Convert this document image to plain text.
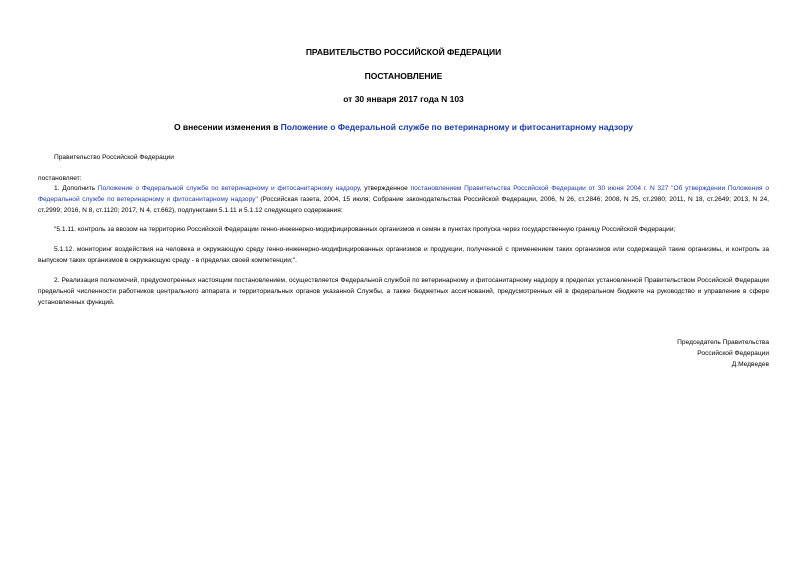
ПРАВИТЕЛЬСТВО РОССИЙСКОЙ ФЕДЕРАЦИИ
ПОСТАНОВЛЕНИЕ
от 30 января 2017 года N 103
О внесении изменения в Положение о Федеральной службе по ветеринарному и фитосанитарному надзору

Правительство Российской Федерации

постановляет:

1. Дополнить Положение о Федеральной службе по ветеринарному и фитосанитарному надзору, утвержденное постановлением Правительства Российской Федерации от 30 июня 2004 г. N 327 "Об утверждении Положения о Федеральной службе по ветеринарному и фитосанитарному надзору" (Российская газета, 2004, 15 июля; Собрание законодательства Российской Федерации, 2006, N 26, ст.2846; 2008, N 25, ст.2980; 2011, N 18, ст.2649; 2013, N 24, ст.2999; 2016, N 8, ст.1120; 2017, N 4, ст.662), подпунктами 5.1.11 и 5.1.12 следующего содержания:

"5.1.11. контроль за ввозом на территорию Российской Федерации генно-инженерно-модифицированных организмов и семян в пунктах пропуска через государственную границу Российской Федерации;

5.1.12. мониторинг воздействия на человека и окружающую среду генно-инженерно-модифицированных организмов и продукции, полученной с применением таких организмов или содержащей такие организмы, и контроль за выпуском таких организмов в окружающую среду - в пределах своей компетенции;".

2. Реализация полномочий, предусмотренных настоящим постановлением, осуществляется Федеральной службой по ветеринарному и фитосанитарному надзору в пределах установленной Правительством Российской Федерации предельной численности работников центрального аппарата и территориальных органов указанной Службы, а также бюджетных ассигнований, предусмотренных ей в федеральном бюджете на руководство и управление в сфере установленных функций.

Председатель Правительства
Российской Федерации
Д.Медведев
